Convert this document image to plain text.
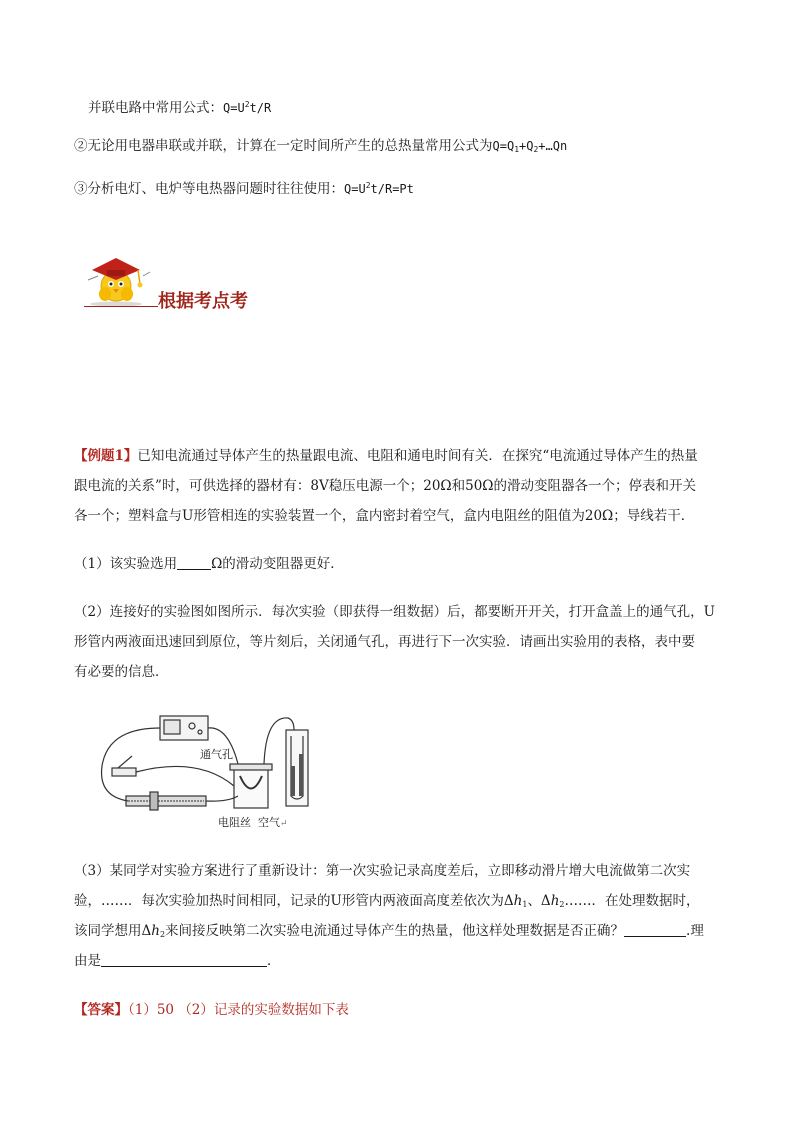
并联电路中常用公式：$Q=U^2t/R$
②无论用电器串联或并联，计算在一定时间所产生的总热量常用公式为$Q=Q_1+Q_2+\dots Qn$
③分析电灯、电炉等电热器问题时往往使用：$Q=U^2t/R=Pt$
根据考点考
【例题1】已知电流通过导体产生的热量跟电流、电阻和通电时间有关．在探究“电流通过导体产生的热量
跟电流的关系”时，可供选择的器材有：8V稳压电源一个；20Ω和50Ω的滑动变阻器各一个；停表和开关
各一个；塑料盒与U形管相连的实验装置一个，盒内密封着空气，盒内电阻丝的阻值为20Ω；导线若干．
（1）该实验选用	Ω的滑动变阻器更好．
（2）连接好的实验图如图所示．每次实验（即获得一组数据）后，都要断开开关，打开盒盖上的通气孔，U
形管内两液面迅速回到原位，等片刻后，关闭通气孔，再进行下一次实验．请画出实验用的表格，表中要
有必要的信息．
通气孔
电阻丝 空气↵
（3）某同学对实验方案进行了重新设计：第一次实验记录高度差后，立即移动滑片增大电流做第二次实
验，……．每次实验加热时间相同，记录的U形管内两液面高度差依次为$\Delta h_1$、$\Delta h_2\dots\dots$．在处理数据时，
该同学想用$\Delta h_2$来间接反映第二次实验电流通过导体产生的热量，他这样处理数据是否正确？	.理
由是	．
【答案】（1）50 （2）记录的实验数据如下表
